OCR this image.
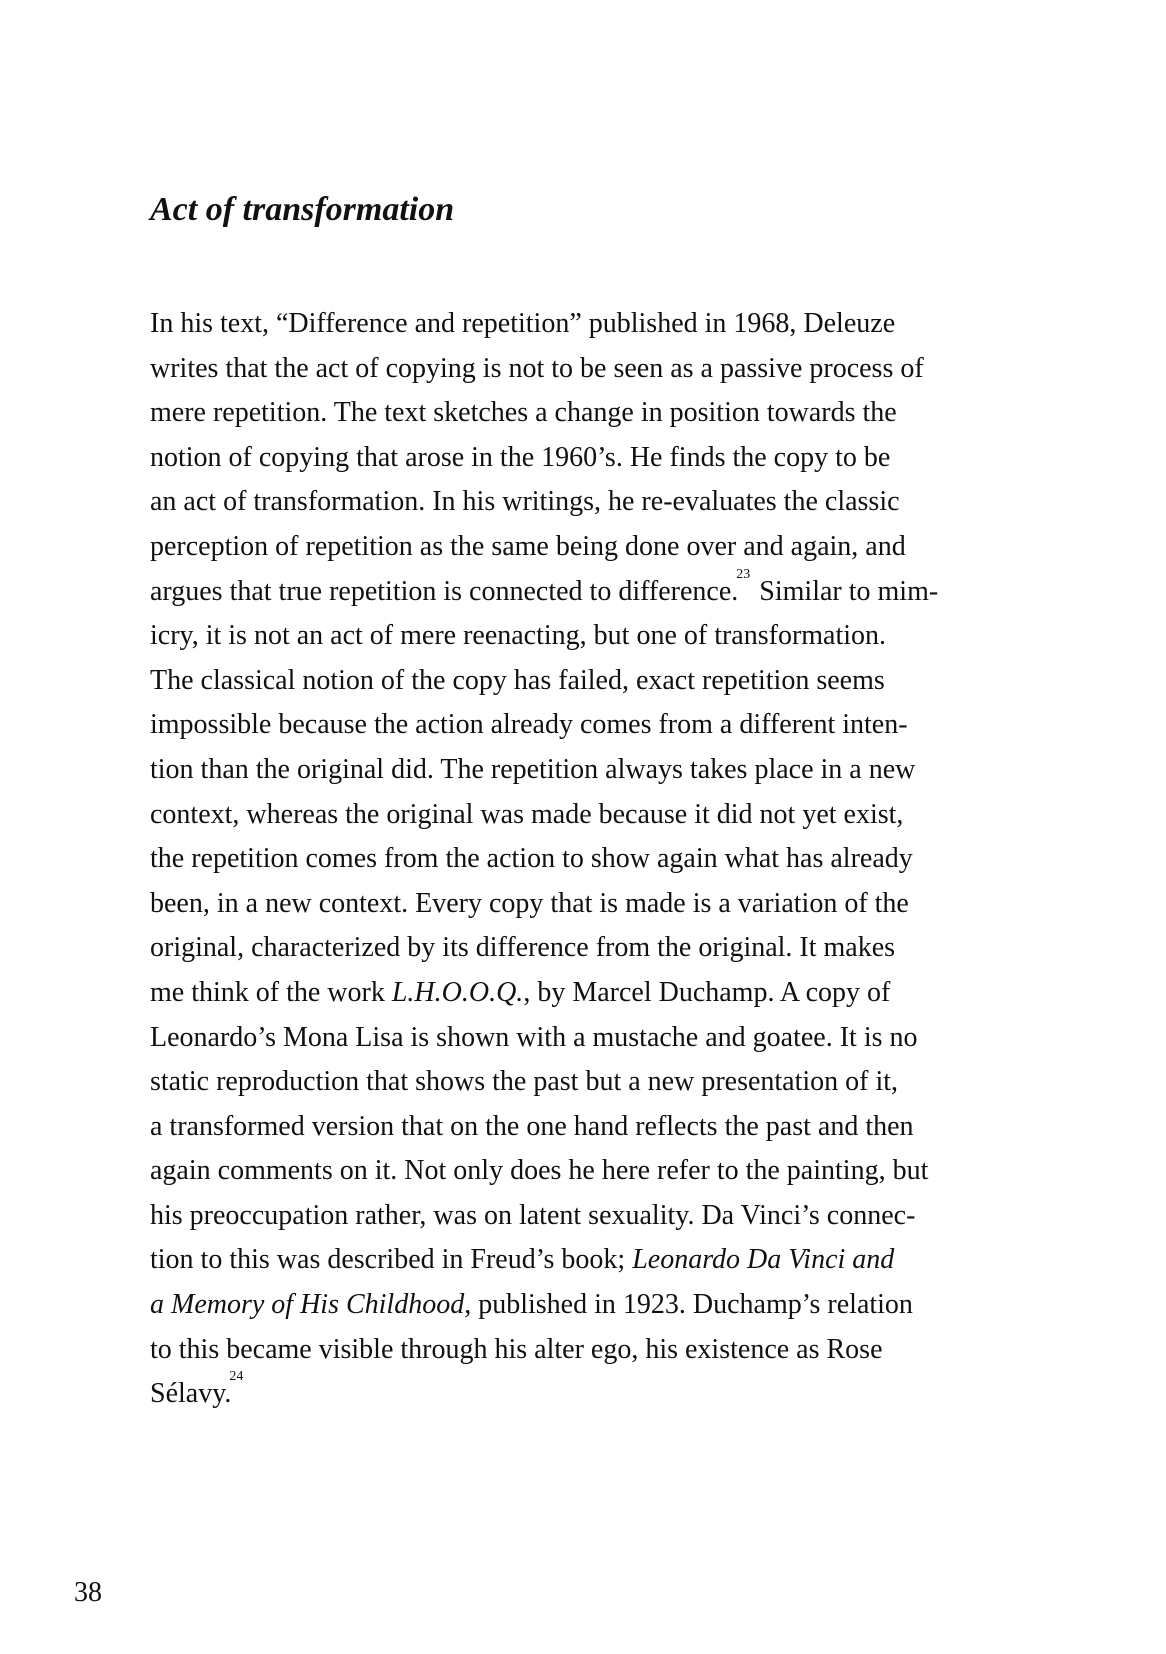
Act of transformation
In his text, “Difference and repetition” published in 1968, Deleuze
writes that the act of copying is not to be seen as a passive process of
mere repetition. The text sketches a change in position towards the
notion of copying that arose in the 1960’s. He finds the copy to be
an act of transformation. In his writings, he re-evaluates the classic
perception of repetition as the same being done over and again, and
argues that true repetition is connected to difference.$^{23}$ Similar to mim-
icry, it is not an act of mere reenacting, but one of transformation.
The classical notion of the copy has failed, exact repetition seems
impossible because the action already comes from a different inten-
tion than the original did. The repetition always takes place in a new
context, whereas the original was made because it did not yet exist,
the repetition comes from the action to show again what has already
been, in a new context. Every copy that is made is a variation of the
original, characterized by its difference from the original. It makes
me think of the work L.H.O.O.Q., by Marcel Duchamp. A copy of
Leonardo’s Mona Lisa is shown with a mustache and goatee. It is no
static reproduction that shows the past but a new presentation of it,
a transformed version that on the one hand reflects the past and then
again comments on it. Not only does he here refer to the painting, but
his preoccupation rather, was on latent sexuality. Da Vinci’s connec-
tion to this was described in Freud’s book; Leonardo Da Vinci and
a Memory of His Childhood, published in 1923. Duchamp’s relation
to this became visible through his alter ego, his existence as Rose
Sélavy.$^{24}$
38
